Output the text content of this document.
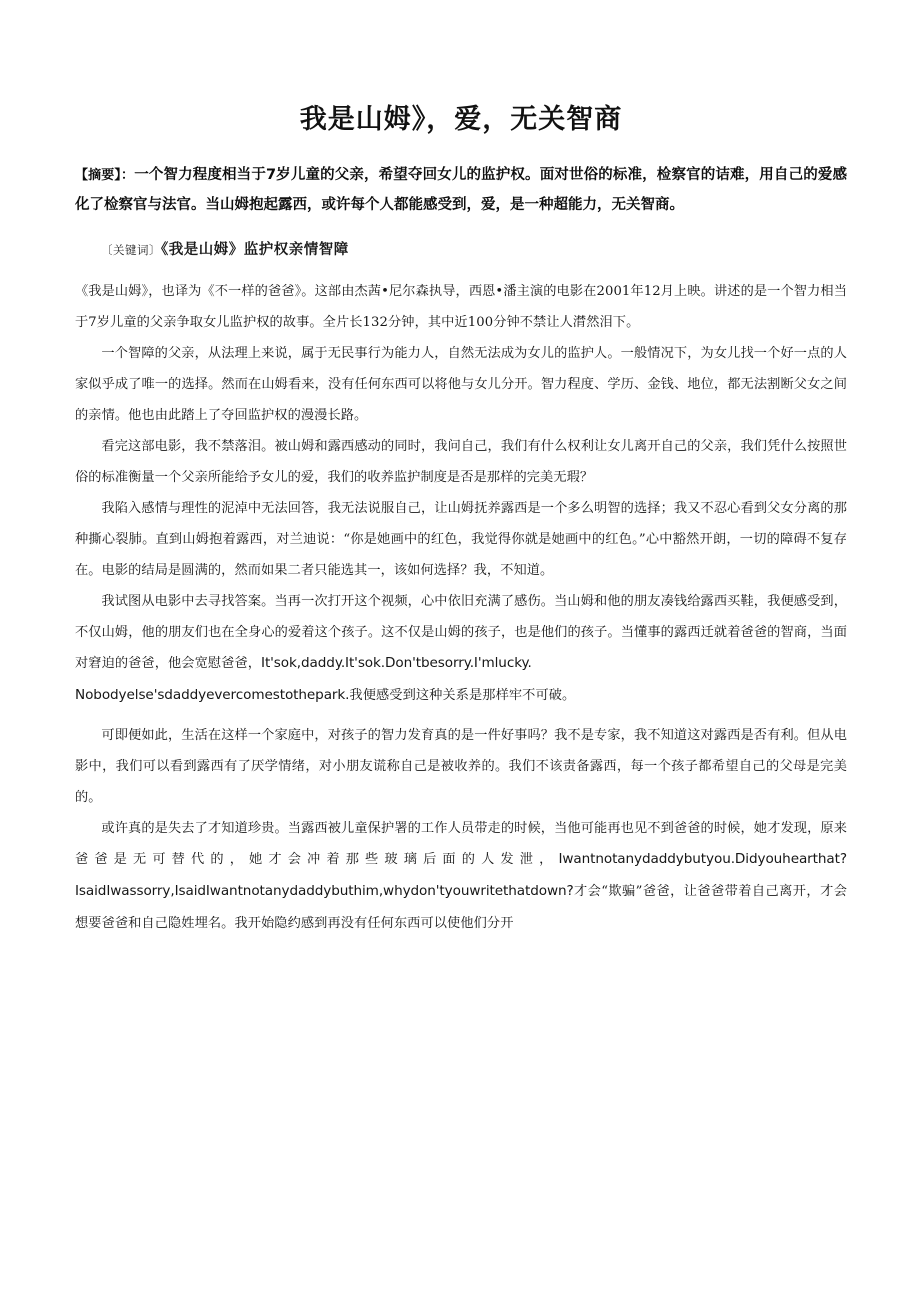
我是山姆》，爱，无关智商

【摘要】：一个智力程度相当于7岁儿童的父亲，希望夺回女儿的监护权。面对世俗的标准，检察官的诘难，用自己的爱感化了检察官与法官。当山姆抱起露西，或许每个人都能感受到，爱，是一种超能力，无关智商。

〔关键词〕《我是山姆》监护权亲情智障

《我是山姆》，也译为《不一样的爸爸》。这部由杰茜•尼尔森执导，西恩•潘主演的电影在2001年12月上映。讲述的是一个智力相当于7岁儿童的父亲争取女儿监护权的故事。全片长132分钟，其中近100分钟不禁让人潸然泪下。

一个智障的父亲，从法理上来说，属于无民事行为能力人，自然无法成为女儿的监护人。一般情况下，为女儿找一个好一点的人家似乎成了唯一的选择。然而在山姆看来，没有任何东西可以将他与女儿分开。智力程度、学历、金钱、地位，都无法割断父女之间的亲情。他也由此踏上了夺回监护权的漫漫长路。

看完这部电影，我不禁落泪。被山姆和露西感动的同时，我问自己，我们有什么权利让女儿离开自己的父亲，我们凭什么按照世俗的标准衡量一个父亲所能给予女儿的爱，我们的收养监护制度是否是那样的完美无瑕？

我陷入感情与理性的泥淖中无法回答，我无法说服自己，让山姆抚养露西是一个多么明智的选择；我又不忍心看到父女分离的那种撕心裂肺。直到山姆抱着露西，对兰迪说：“你是她画中的红色，我觉得你就是她画中的红色。”心中豁然开朗，一切的障碍不复存在。电影的结局是圆满的，然而如果二者只能选其一，该如何选择？我，不知道。

我试图从电影中去寻找答案。当再一次打开这个视频，心中依旧充满了感伤。当山姆和他的朋友凑钱给露西买鞋，我便感受到，不仅山姆，他的朋友们也在全身心的爱着这个孩子。这不仅是山姆的孩子，也是他们的孩子。当懂事的露西迁就着爸爸的智商，当面对窘迫的爸爸，他会宽慰爸爸，It'sok,daddy.It'sok.Don'tbesorry.I'mlucky.

Nobodyelse'sdaddyevercomestothepark.我便感受到这种关系是那样牢不可破。

可即便如此，生活在这样一个家庭中，对孩子的智力发育真的是一件好事吗？我不是专家，我不知道这对露西是否有利。但从电影中，我们可以看到露西有了厌学情绪，对小朋友谎称自己是被收养的。我们不该责备露西，每一个孩子都希望自己的父母是完美的。

或许真的是失去了才知道珍贵。当露西被儿童保护署的工作人员带走的时候，当他可能再也见不到爸爸的时候，她才发现，原来爸爸是无可替代的，她才会冲着那些玻璃后面的人发泄，Iwantnotanydaddybutyou.Didyouhearthat?IsaidIwassorry,IsaidIwantnotanydaddybuthim,whydon'tyouwritethatdown?才会“欺骗”爸爸，让爸爸带着自己离开，才会想要爸爸和自己隐姓埋名。我开始隐约感到再没有任何东西可以使他们分开
